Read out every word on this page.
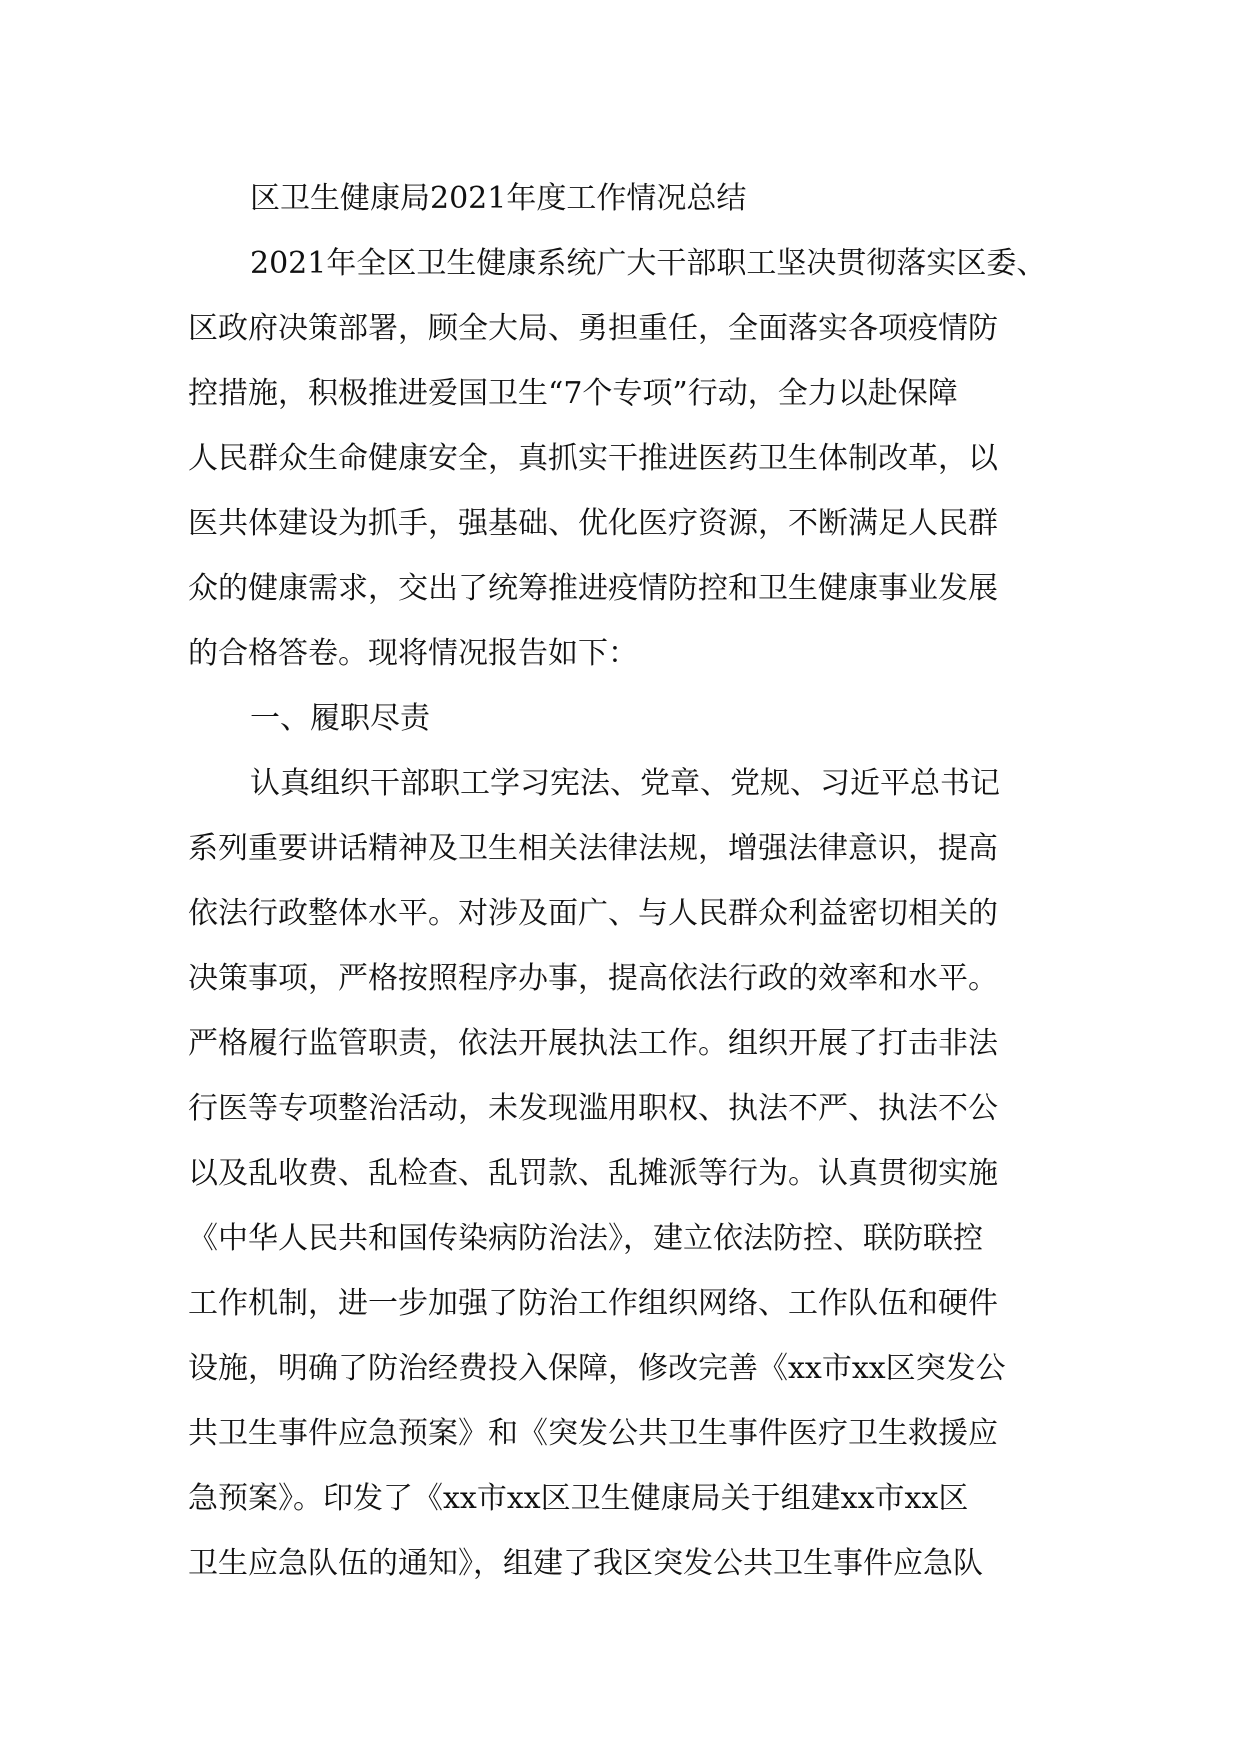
区卫生健康局2021年度工作情况总结
2021年全区卫生健康系统广大干部职工坚决贯彻落实区委、
区政府决策部署，顾全大局、勇担重任，全面落实各项疫情防
控措施，积极推进爱国卫生“7个专项”行动，全力以赴保障
人民群众生命健康安全，真抓实干推进医药卫生体制改革，以
医共体建设为抓手，强基础、优化医疗资源，不断满足人民群
众的健康需求，交出了统筹推进疫情防控和卫生健康事业发展
的合格答卷。现将情况报告如下：
一、履职尽责
认真组织干部职工学习宪法、党章、党规、习近平总书记
系列重要讲话精神及卫生相关法律法规，增强法律意识，提高
依法行政整体水平。对涉及面广、与人民群众利益密切相关的
决策事项，严格按照程序办事，提高依法行政的效率和水平。
严格履行监管职责，依法开展执法工作。组织开展了打击非法
行医等专项整治活动，未发现滥用职权、执法不严、执法不公
以及乱收费、乱检查、乱罚款、乱摊派等行为。认真贯彻实施
《中华人民共和国传染病防治法》，建立依法防控、联防联控
工作机制，进一步加强了防治工作组织网络、工作队伍和硬件
设施，明确了防治经费投入保障，修改完善《xx市xx区突发公
共卫生事件应急预案》和《突发公共卫生事件医疗卫生救援应
急预案》。印发了《xx市xx区卫生健康局关于组建xx市xx区
卫生应急队伍的通知》，组建了我区突发公共卫生事件应急队
